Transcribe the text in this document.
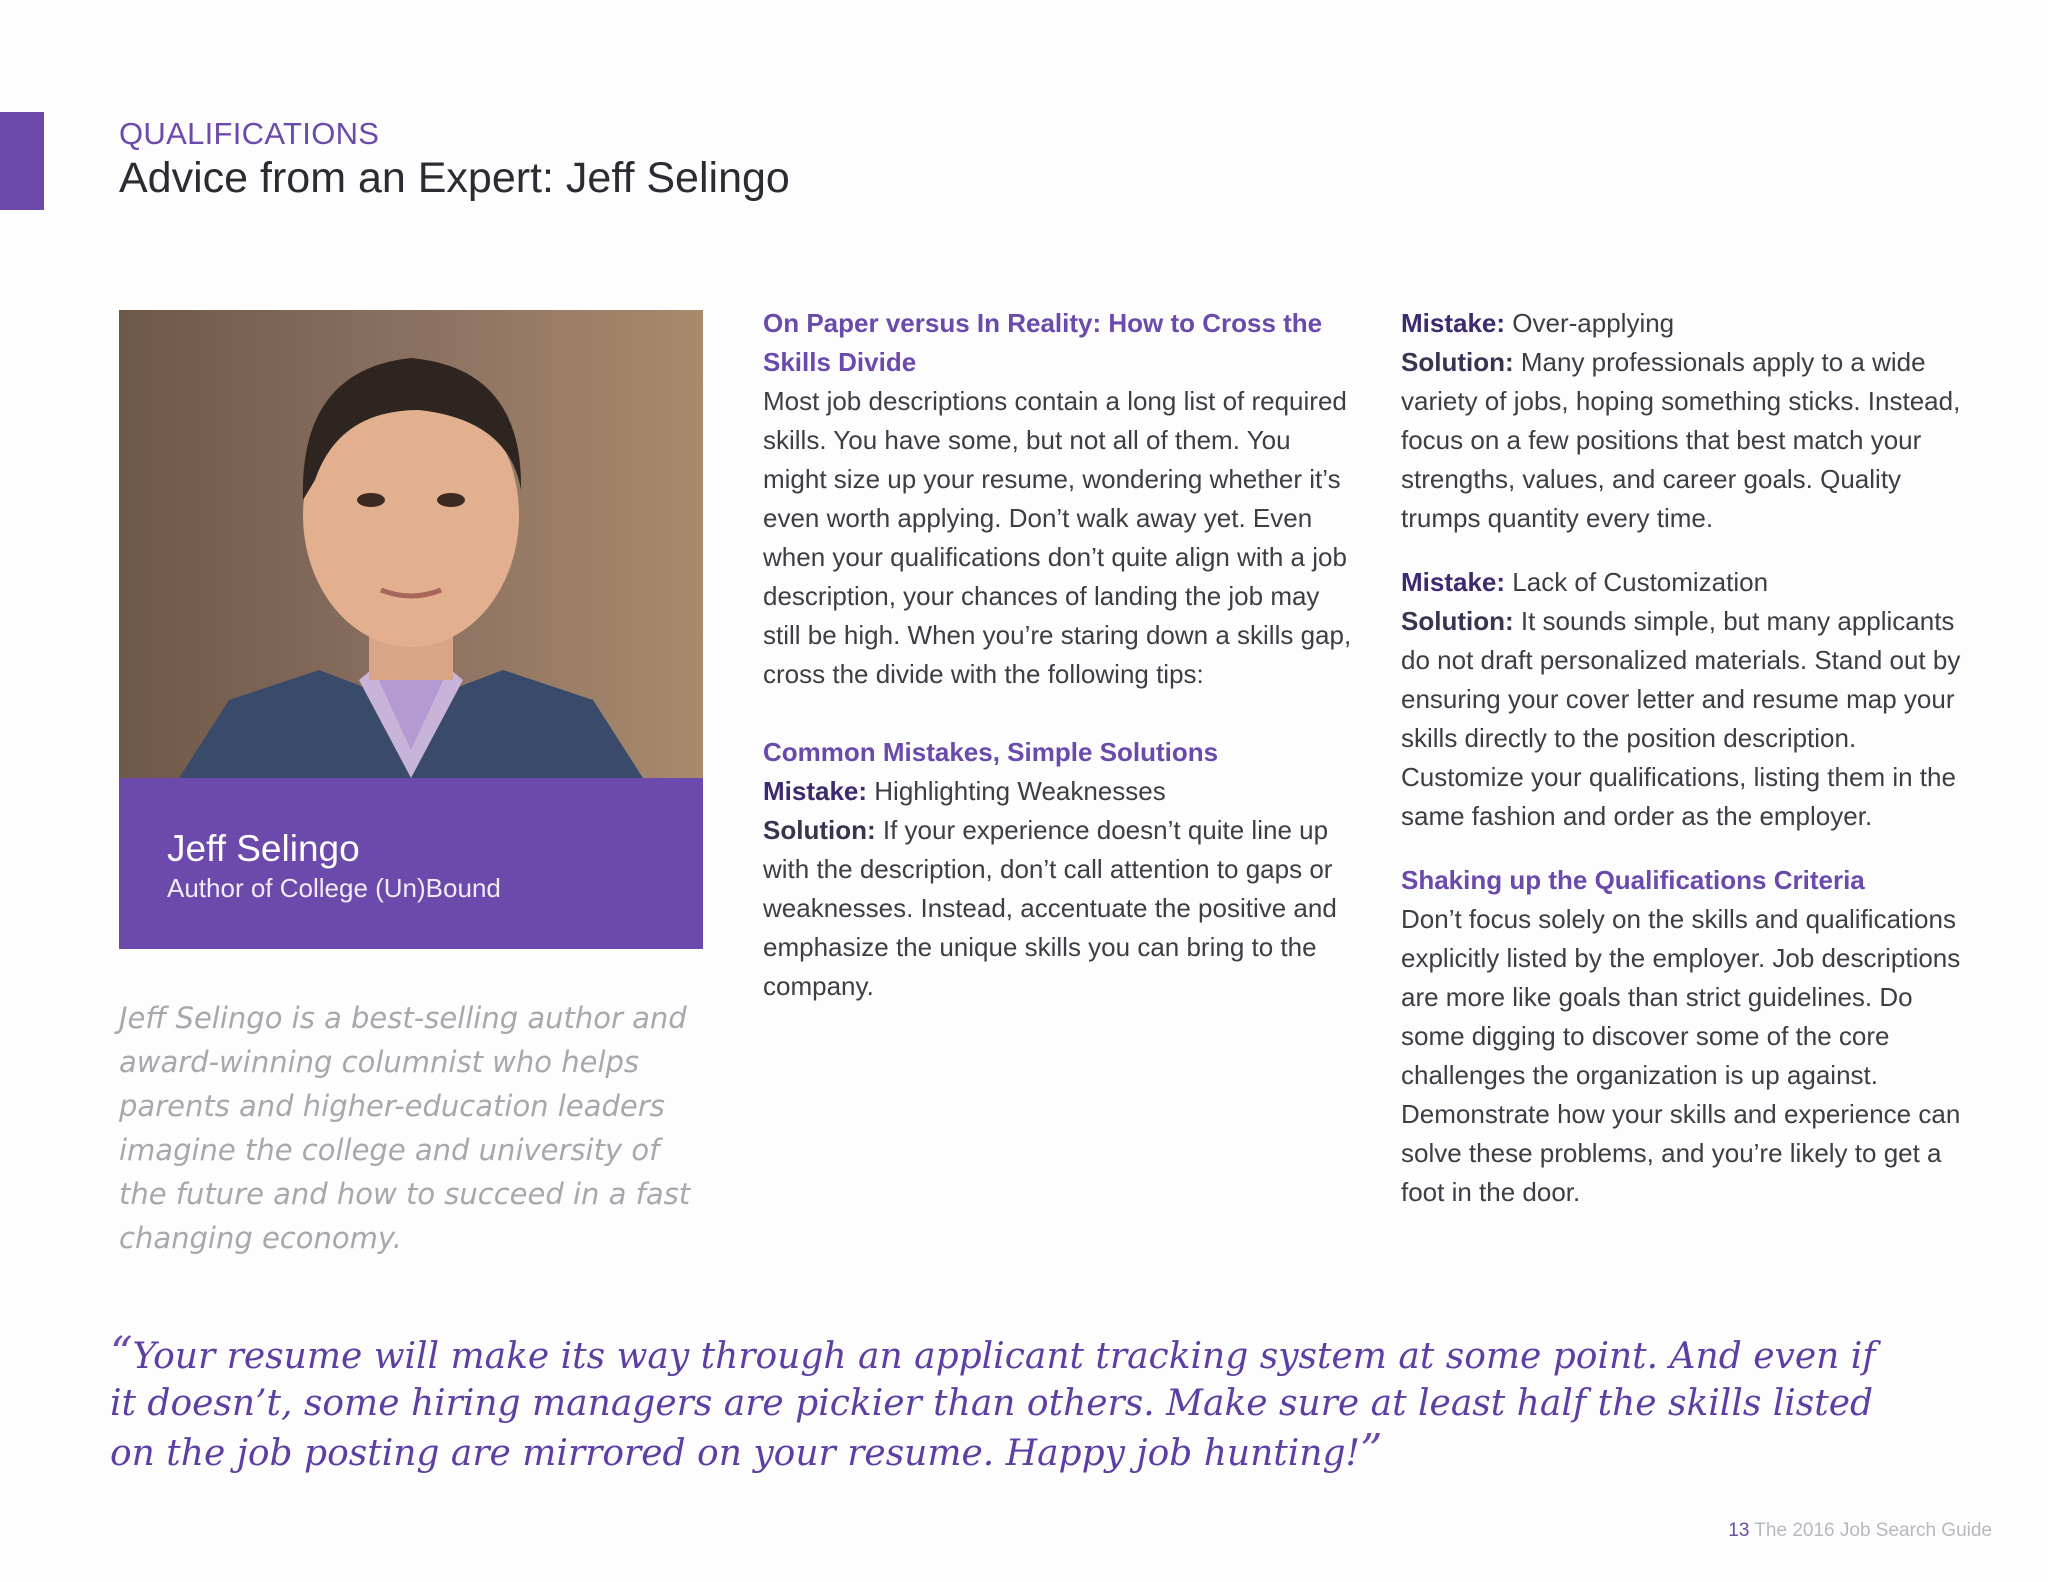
QUALIFICATIONS
Advice from an Expert: Jeff Selingo
Jeff Selingo
Author of College (Un)Bound

Jeff Selingo is a best-selling author and award-winning columnist who helps parents and higher-education leaders imagine the college and university of the future and how to succeed in a fast changing economy.

On Paper versus In Reality: How to Cross the Skills Divide

Most job descriptions contain a long list of required skills. You have some, but not all of them. You might size up your resume, wondering whether it’s even worth applying. Don’t walk away yet. Even when your qualifications don’t quite align with a job description, your chances of landing the job may still be high. When you’re staring down a skills gap, cross the divide with the following tips:

Common Mistakes, Simple Solutions

Mistake: Highlighting Weaknesses

Solution: If your experience doesn’t quite line up with the description, don’t call attention to gaps or weaknesses. Instead, accentuate the positive and emphasize the unique skills you can bring to the company.

Mistake: Over-applying

Solution: Many professionals apply to a wide variety of jobs, hoping something sticks. Instead, focus on a few positions that best match your strengths, values, and career goals. Quality trumps quantity every time.

Mistake: Lack of Customization

Solution: It sounds simple, but many applicants do not draft personalized materials. Stand out by ensuring your cover letter and resume map your skills directly to the position description. Customize your qualifications, listing them in the same fashion and order as the employer.

Shaking up the Qualifications Criteria

Don’t focus solely on the skills and qualifications explicitly listed by the employer. Job descriptions are more like goals than strict guidelines. Do some digging to discover some of the core challenges the organization is up against. Demonstrate how your skills and experience can solve these problems, and you’re likely to get a foot in the door.

“Your resume will make its way through an applicant tracking system at some point. And even if it doesn’t, some hiring managers are pickier than others. Make sure at least half the skills listed on the job posting are mirrored on your resume. Happy job hunting!”

13 The 2016 Job Search Guide
